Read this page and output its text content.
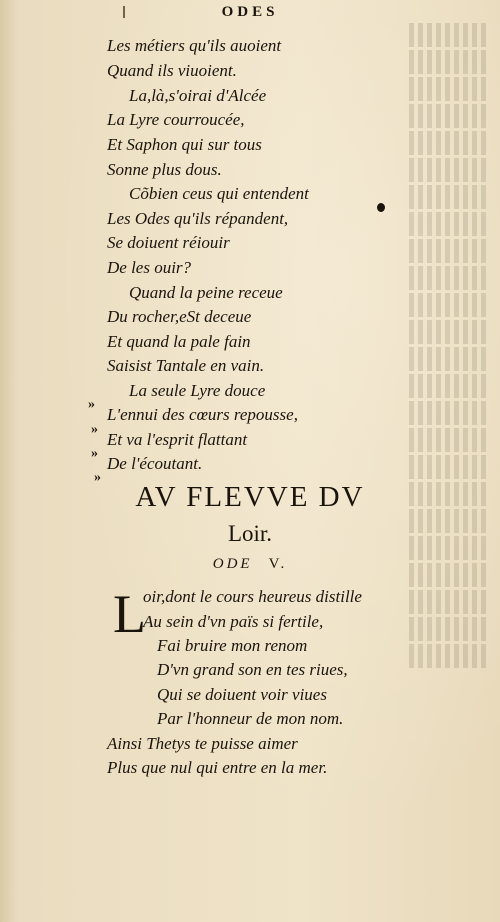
ODES
Les métiers qu'ils auoient
Quand ils viuoient.
La,là,s'oirai d'Alcée
La Lyre courroucée,
Et Saphon qui sur tous
Sonne plus dous.
Cõbien ceus qui entendent
Les Odes qu'ils répandent,
Se doiuent réiouir
De les ouir?
Quand la peine receue
Du rocher,eSt deceue
Et quand la pale fain
Saisist Tantale en vain.
La seule Lyre douce
L'ennui des cœurs repousse,
Et va l'esprit flattant
De l'écoutant.
»
»
»
»
AV FLEVVE DV
Loir.
ODE V.
L
oir,dont le cours heureus distille
Au sein d'vn païs si fertile,
Fai bruire mon renom
D'vn grand son en tes riues,
Qui se doiuent voir viues
Par l'honneur de mon nom.
Ainsi Thetys te puisse aimer
Plus que nul qui entre en la mer.
